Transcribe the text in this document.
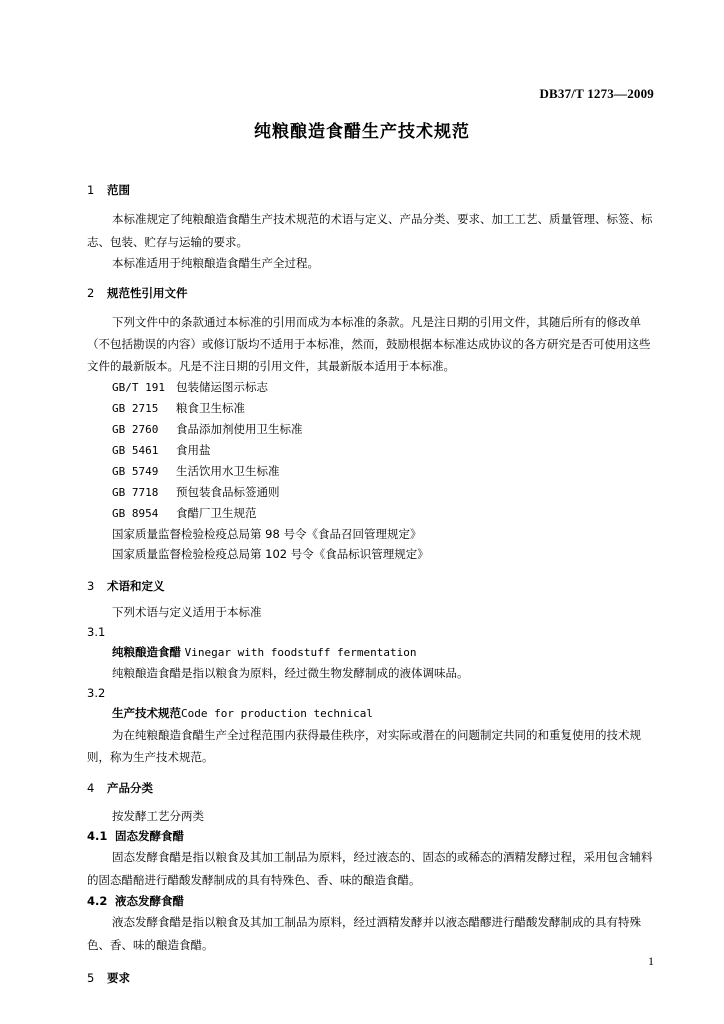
DB37/T 1273—2009
纯粮酿造食醋生产技术规范
1 范围
本标准规定了纯粮酿造食醋生产技术规范的术语与定义、产品分类、要求、加工工艺、质量管理、标签、标志、包装、贮存与运输的要求。
本标准适用于纯粮酿造食醋生产全过程。
2 规范性引用文件
下列文件中的条款通过本标准的引用而成为本标准的条款。凡是注日期的引用文件，其随后所有的修改单（不包括勘误的内容）或修订版均不适用于本标准，然而，鼓励根据本标准达成协议的各方研究是否可使用这些文件的最新版本。凡是不注日期的引用文件，其最新版本适用于本标准。
GB/T 191 包装储运图示标志
GB 2715 粮食卫生标准
GB 2760 食品添加剂使用卫生标准
GB 5461 食用盐
GB 5749 生活饮用水卫生标准
GB 7718 预包装食品标签通则
GB 8954 食醋厂卫生规范
国家质量监督检验检疫总局第 98 号令《食品召回管理规定》
国家质量监督检验检疫总局第 102 号令《食品标识管理规定》
3 术语和定义
下列术语与定义适用于本标准
3.1
纯粮酿造食醋 Vinegar with foodstuff fermentation
纯粮酿造食醋是指以粮食为原料，经过微生物发酵制成的液体调味品。
3.2
生产技术规范Code for production technical
为在纯粮酿造食醋生产全过程范围内获得最佳秩序，对实际或潜在的问题制定共同的和重复使用的技术规则，称为生产技术规范。
4 产品分类
按发酵工艺分两类
4.1 固态发酵食醋
固态发酵食醋是指以粮食及其加工制品为原料，经过液态的、固态的或稀态的酒精发酵过程，采用包含辅料的固态醋醅进行醋酸发酵制成的具有特殊色、香、味的酿造食醋。
4.2 液态发酵食醋
液态发酵食醋是指以粮食及其加工制品为原料，经过酒精发酵并以液态醋醪进行醋酸发酵制成的具有特殊色、香、味的酿造食醋。
5 要求
1
